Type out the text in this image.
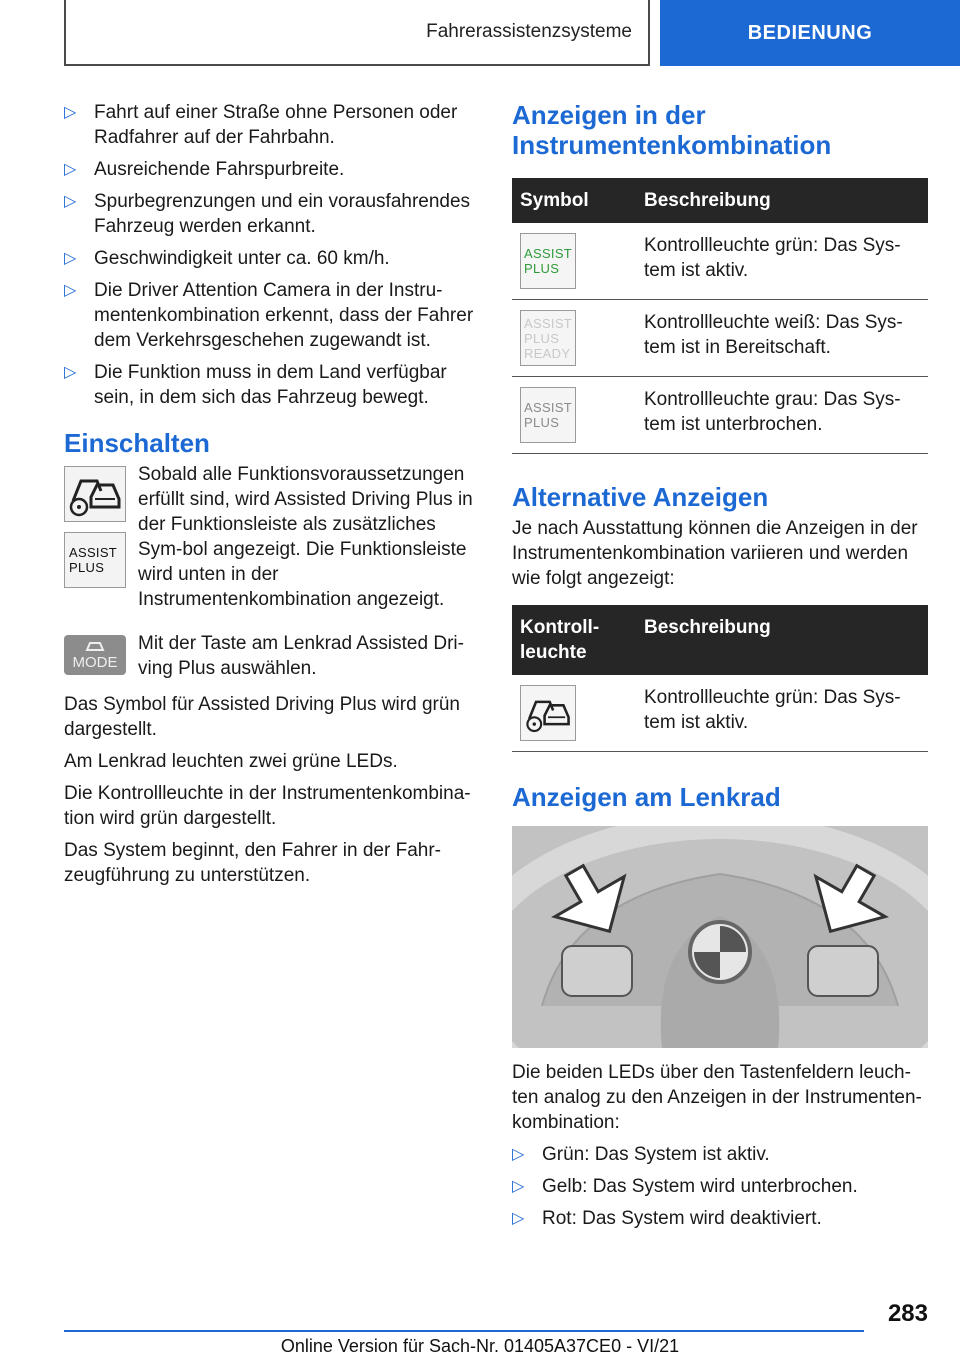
Fahrerassistenzsysteme	BEDIENUNG
▷ Fahrt auf einer Straße ohne Personen oder Radfahrer auf der Fahrbahn.
▷ Ausreichende Fahrspurbreite.
▷ Spurbegrenzungen und ein vorausfahrendes Fahrzeug werden erkannt.
▷ Geschwindigkeit unter ca. 60 km/h.
▷ Die Driver Attention Camera in der Instru‐mentenkombination erkennt, dass der Fahrer dem Verkehrsgeschehen zugewandt ist.
▷ Die Funktion muss in dem Land verfügbar sein, in dem sich das Fahrzeug bewegt.
Einschalten
ASSIST
PLUS

Sobald alle Funktionsvoraussetzungen erfüllt sind, wird Assisted Driving Plus in der Funktionsleiste als zusätzliches Sym‐bol angezeigt. Die Funktionsleiste wird unten in der Instrumentenkombination angezeigt.

MODE

Mit der Taste am Lenkrad Assisted Dri‐ving Plus auswählen.

Das Symbol für Assisted Driving Plus wird grün dargestellt.

Am Lenkrad leuchten zwei grüne LEDs.

Die Kontrollleuchte in der Instrumentenkombina‐tion wird grün dargestellt.

Das System beginnt, den Fahrer in der Fahr‐zeugführung zu unterstützen.

Anzeigen in der Instrumentenkombination
Symbol	Beschreibung

ASSIST
PLUS	Kontrollleuchte grün: Das Sys‐tem ist aktiv.

ASSIST
PLUS
READY	Kontrollleuchte weiß: Das Sys‐tem ist in Bereitschaft.

ASSIST
PLUS	Kontrollleuchte grau: Das Sys‐tem ist unterbrochen.
Alternative Anzeigen

Je nach Ausstattung können die Anzeigen in der Instrumentenkombination variieren und werden wie folgt angezeigt:

Kontroll‐leuchte	Beschreibung

	Kontrollleuchte grün: Das Sys‐tem ist aktiv.
Anzeigen am Lenkrad

Die beiden LEDs über den Tastenfeldern leuch‐ten analog zu den Anzeigen in der Instrumenten‐kombination:

▷ Grün: Das System ist aktiv.
▷ Gelb: Das System wird unterbrochen.
▷ Rot: Das System wird deaktiviert.
283
Online Version für Sach-Nr. 01405A37CE0 - VI/21
